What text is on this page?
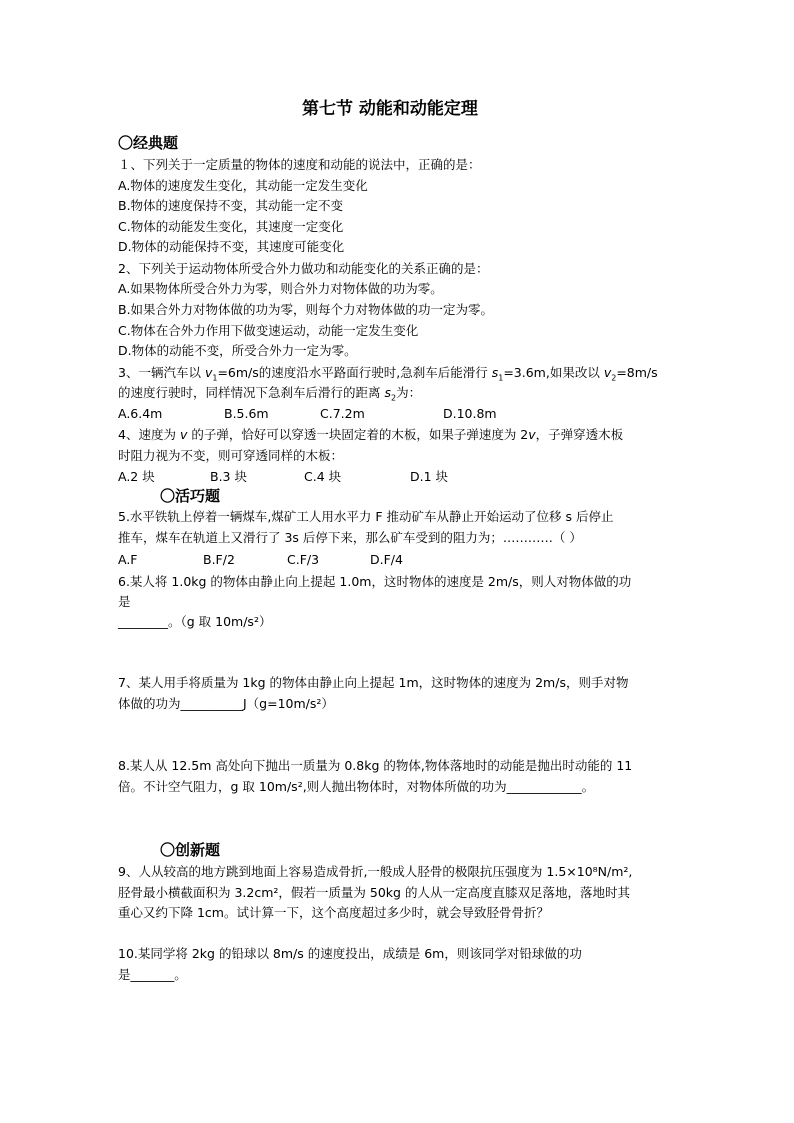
第七节 动能和动能定理
〇经典题
１、下列关于一定质量的物体的速度和动能的说法中，正确的是：
A.物体的速度发生变化，其动能一定发生变化
B.物体的速度保持不变，其动能一定不变
C.物体的动能发生变化，其速度一定变化
D.物体的动能保持不变，其速度可能变化
2、下列关于运动物体所受合外力做功和动能变化的关系正确的是：
A.如果物体所受合外力为零，则合外力对物体做的功为零。
B.如果合外力对物体做的功为零，则每个力对物体做的功一定为零。
C.物体在合外力作用下做变速运动，动能一定发生变化
D.物体的动能不变，所受合外力一定为零。
3、一辆汽车以 $v_1=6m/s$的速度沿水平路面行驶时,急刹车后能滑行 $s_1=3.6m$,如果改以 $v_2=8m/s$
的速度行驶时，同样情况下急刹车后滑行的距离 $s_2$为：
A.6.4m	B.5.6m	C.7.2m	D.10.8m
4、速度为 v 的子弹，恰好可以穿透一块固定着的木板，如果子弹速度为 2v，子弹穿透木板
时阻力视为不变，则可穿透同样的木板：
A.2 块	B.3 块	C.4 块	D.1 块
〇活巧题
5.水平铁轨上停着一辆煤车,煤矿工人用水平力 F 推动矿车从静止开始运动了位移 s 后停止
推车，煤车在轨道上又滑行了 3s 后停下来，那么矿车受到的阻力为；…………（ ）
A.F	B.F/2	C.F/3	D.F/4
6.某人将 1.0kg 的物体由静止向上提起 1.0m，这时物体的速度是 2m/s，则人对物体做的功
是
________。（g 取 10m/s²）
7、某人用手将质量为 1kg 的物体由静止向上提起 1m，这时物体的速度为 2m/s，则手对物
体做的功为__________J（g=10m/s²）
8.某人从 12.5m 高处向下抛出一质量为 0.8kg 的物体,物体落地时的动能是抛出时动能的 11
倍。不计空气阻力，g 取 10m/s²,则人抛出物体时，对物体所做的功为____________。
〇创新题
9、人从较高的地方跳到地面上容易造成骨折,一般成人胫骨的极限抗压强度为 1.5×10⁸N/m²,
胫骨最小横截面积为 3.2cm²，假若一质量为 50kg 的人从一定高度直膝双足落地，落地时其
重心又约下降 1cm。试计算一下，这个高度超过多少时，就会导致胫骨骨折？
10.某同学将 2kg 的铅球以 8m/s 的速度投出，成绩是 6m，则该同学对铅球做的功
是_______。
